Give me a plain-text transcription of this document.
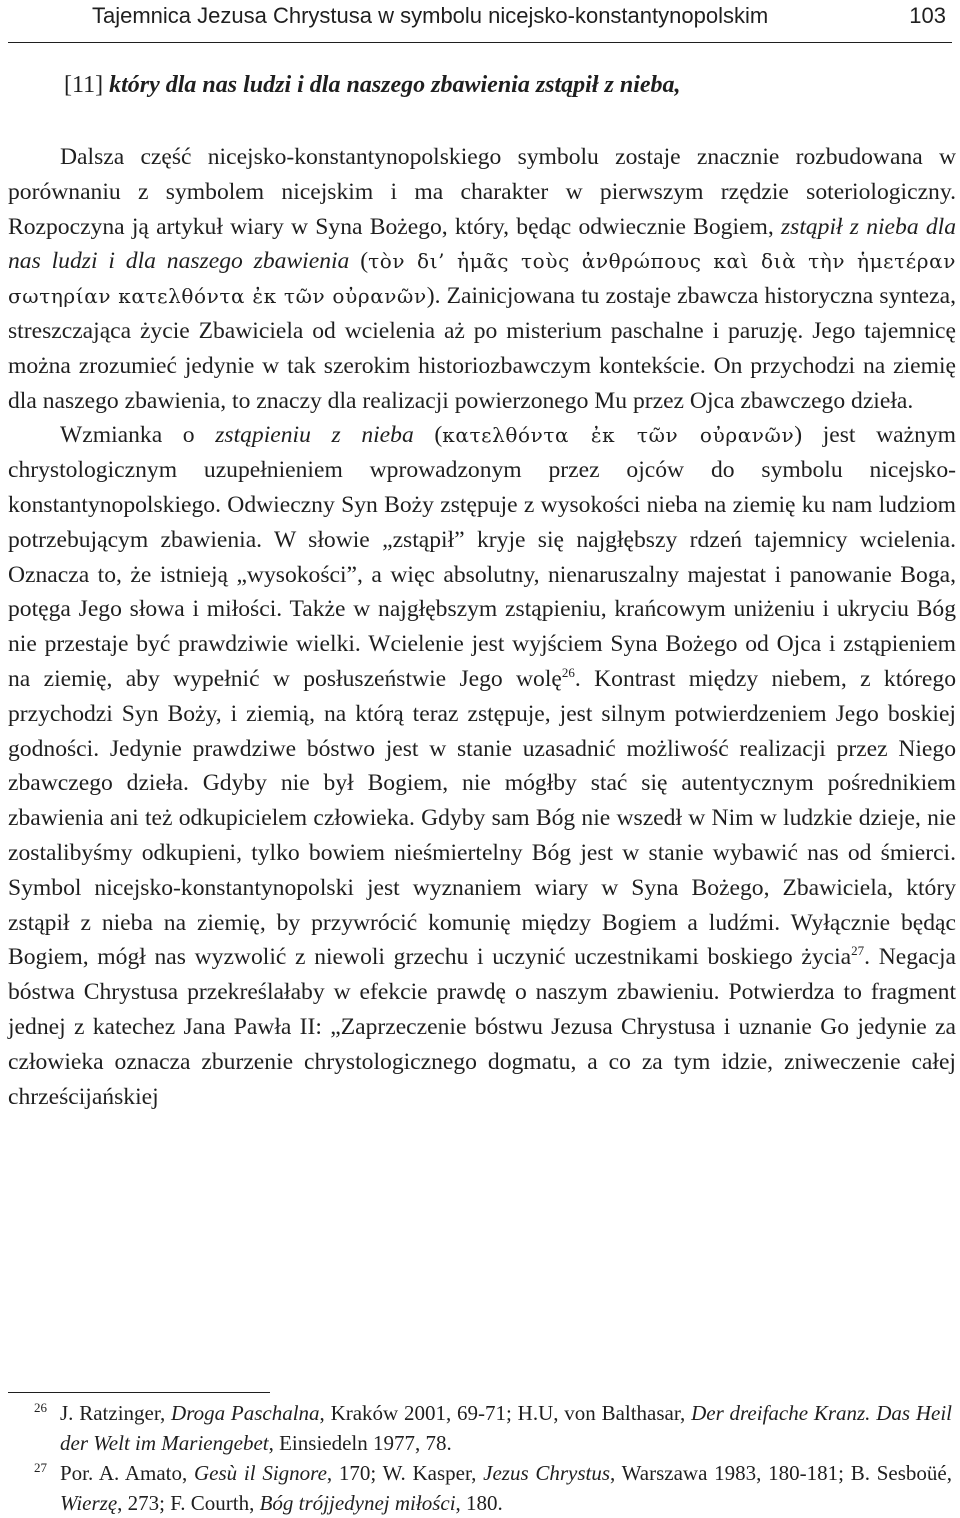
Tajemnica Jezusa Chrystusa w symbolu nicejsko-konstantynopolskim	103
[11] który dla nas ludzi i dla naszego zbawienia zstąpił z nieba,

Dalsza część nicejsko-konstantynopolskiego symbolu zostaje znacznie rozbudowana w porównaniu z symbolem nicejskim i ma charakter w pierwszym rzędzie soteriologiczny. Rozpoczyna ją artykuł wiary w Syna Bożego, który, będąc odwiecznie Bogiem, zstąpił z nieba dla nas ludzi i dla naszego zbawienia (τὸν δι’ ἡμᾶς τοὺς ἀνθρώπους καὶ διὰ τὴν ἡμετέραν σωτηρίαν κατελθόντα ἐκ τῶν οὐρανῶν). Zainicjowana tu zostaje zbawcza historyczna synteza, streszczająca życie Zbawiciela od wcielenia aż po misterium paschalne i paruzję. Jego tajemnicę można zrozumieć jedynie w tak szerokim historiozbawczym kontekście. On przychodzi na ziemię dla naszego zbawienia, to znaczy dla realizacji powierzonego Mu przez Ojca zbawczego dzieła.

Wzmianka o zstąpieniu z nieba (κατελθόντα ἐκ τῶν οὐρανῶν) jest ważnym chrystologicznym uzupełnieniem wprowadzonym przez ojców do symbolu nicejsko-konstantynopolskiego. Odwieczny Syn Boży zstępuje z wysokości nieba na ziemię ku nam ludziom potrzebującym zbawienia. W słowie „zstąpił” kryje się najgłębszy rdzeń tajemnicy wcielenia. Oznacza to, że istnieją „wysokości”, a więc absolutny, nienaruszalny majestat i panowanie Boga, potęga Jego słowa i miłości. Także w najgłębszym zstąpieniu, krańcowym uniżeniu i ukryciu Bóg nie przestaje być prawdziwie wielki. Wcielenie jest wyjściem Syna Bożego od Ojca i zstąpieniem na ziemię, aby wypełnić w posłuszeństwie Jego wolę$^{26}$. Kontrast między niebem, z którego przychodzi Syn Boży, i ziemią, na którą teraz zstępuje, jest silnym potwierdzeniem Jego boskiej godności. Jedynie prawdziwe bóstwo jest w stanie uzasadnić możliwość realizacji przez Niego zbawczego dzieła. Gdyby nie był Bogiem, nie mógłby stać się autentycznym pośrednikiem zbawienia ani też odkupicielem człowieka. Gdyby sam Bóg nie wszedł w Nim w ludzkie dzieje, nie zostalibyśmy odkupieni, tylko bowiem nieśmiertelny Bóg jest w stanie wybawić nas od śmierci. Symbol nicejsko-konstantynopolski jest wyznaniem wiary w Syna Bożego, Zbawiciela, który zstąpił z nieba na ziemię, by przywrócić komunię między Bogiem a ludźmi. Wyłącznie będąc Bogiem, mógł nas wyzwolić z niewoli grzechu i uczynić uczestnikami boskiego życia$^{27}$. Negacja bóstwa Chrystusa przekreślałaby w efekcie prawdę o naszym zbawieniu. Potwierdza to fragment jednej z katechez Jana Pawła II: „Zaprzeczenie bóstwu Jezusa Chrystusa i uznanie Go jedynie za człowieka oznacza zburzenie chrystologicznego dogmatu, a co za tym idzie, zniweczenie całej chrześcijańskiej

26 J. Ratzinger, Droga Paschalna, Kraków 2001, 69-71; H.U, von Balthasar, Der dreifache Kranz. Das Heil der Welt im Mariengebet, Einsiedeln 1977, 78.
27 Por. A. Amato, Gesù il Signore, 170; W. Kasper, Jezus Chrystus, Warszawa 1983, 180-181; B. Sesboüé, Wierzę, 273; F. Courth, Bóg trójjedynej miłości, 180.
